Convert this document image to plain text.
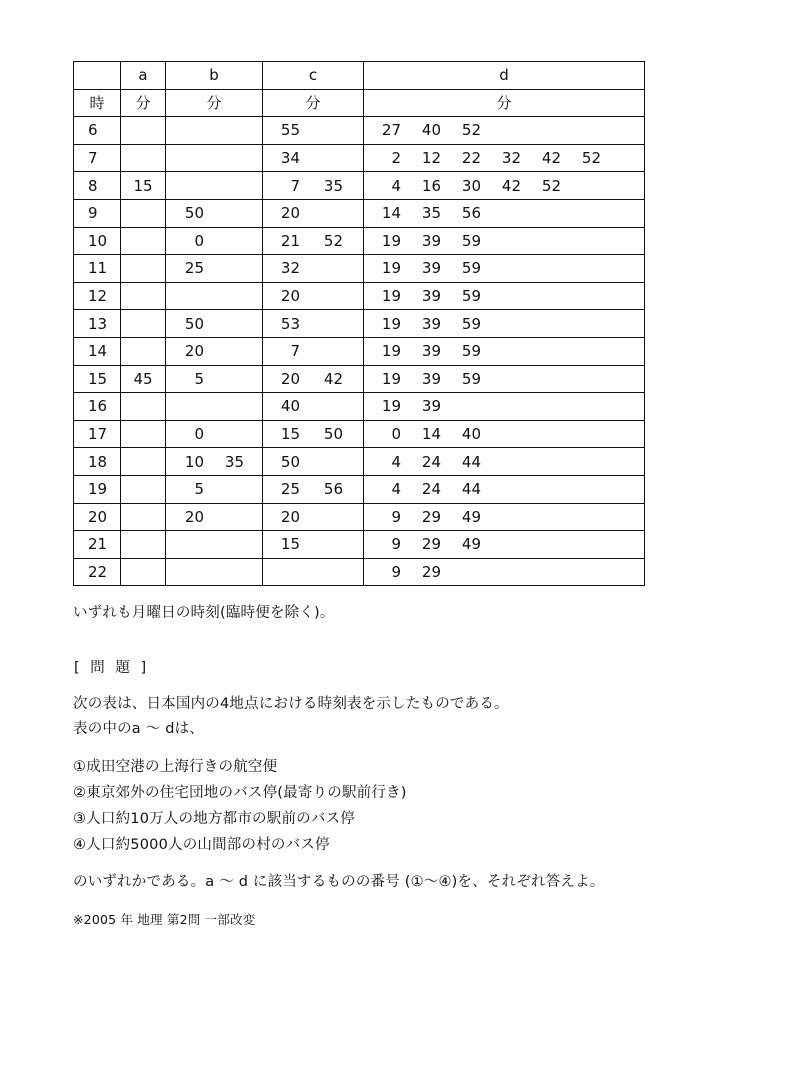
	a	b	c	d
時	分	分	分	分
6			55	27 40 52
7			34	2 12 22 32 42 52
8	15		7 35	4 16 30 42 52
9		50	20	14 35 56
10		0	21 52	19 39 59
11		25	32	19 39 59
12			20	19 39 59
13		50	53	19 39 59
14		20	7	19 39 59
15	45	5	20 42	19 39 59
16			40	19 39
17		0	15 50	0 14 40
18		10 35	50	4 24 44
19		5	25 56	4 24 44
20		20	20	9 29 49
21			15	9 29 49
22				9 29
いずれも月曜日の時刻(臨時便を除く)。
[ 問 題 ]
次の表は、日本国内の4地点における時刻表を示したものである。
表の中のa ～ dは、
①成田空港の上海行きの航空便
②東京郊外の住宅団地のバス停(最寄りの駅前行き)
③人口約10万人の地方都市の駅前のバス停
④人口約5000人の山間部の村のバス停
のいずれかである。a ～ d に該当するものの番号 (①～④)を、それぞれ答えよ。
※2005 年 地理 第2問 一部改変
